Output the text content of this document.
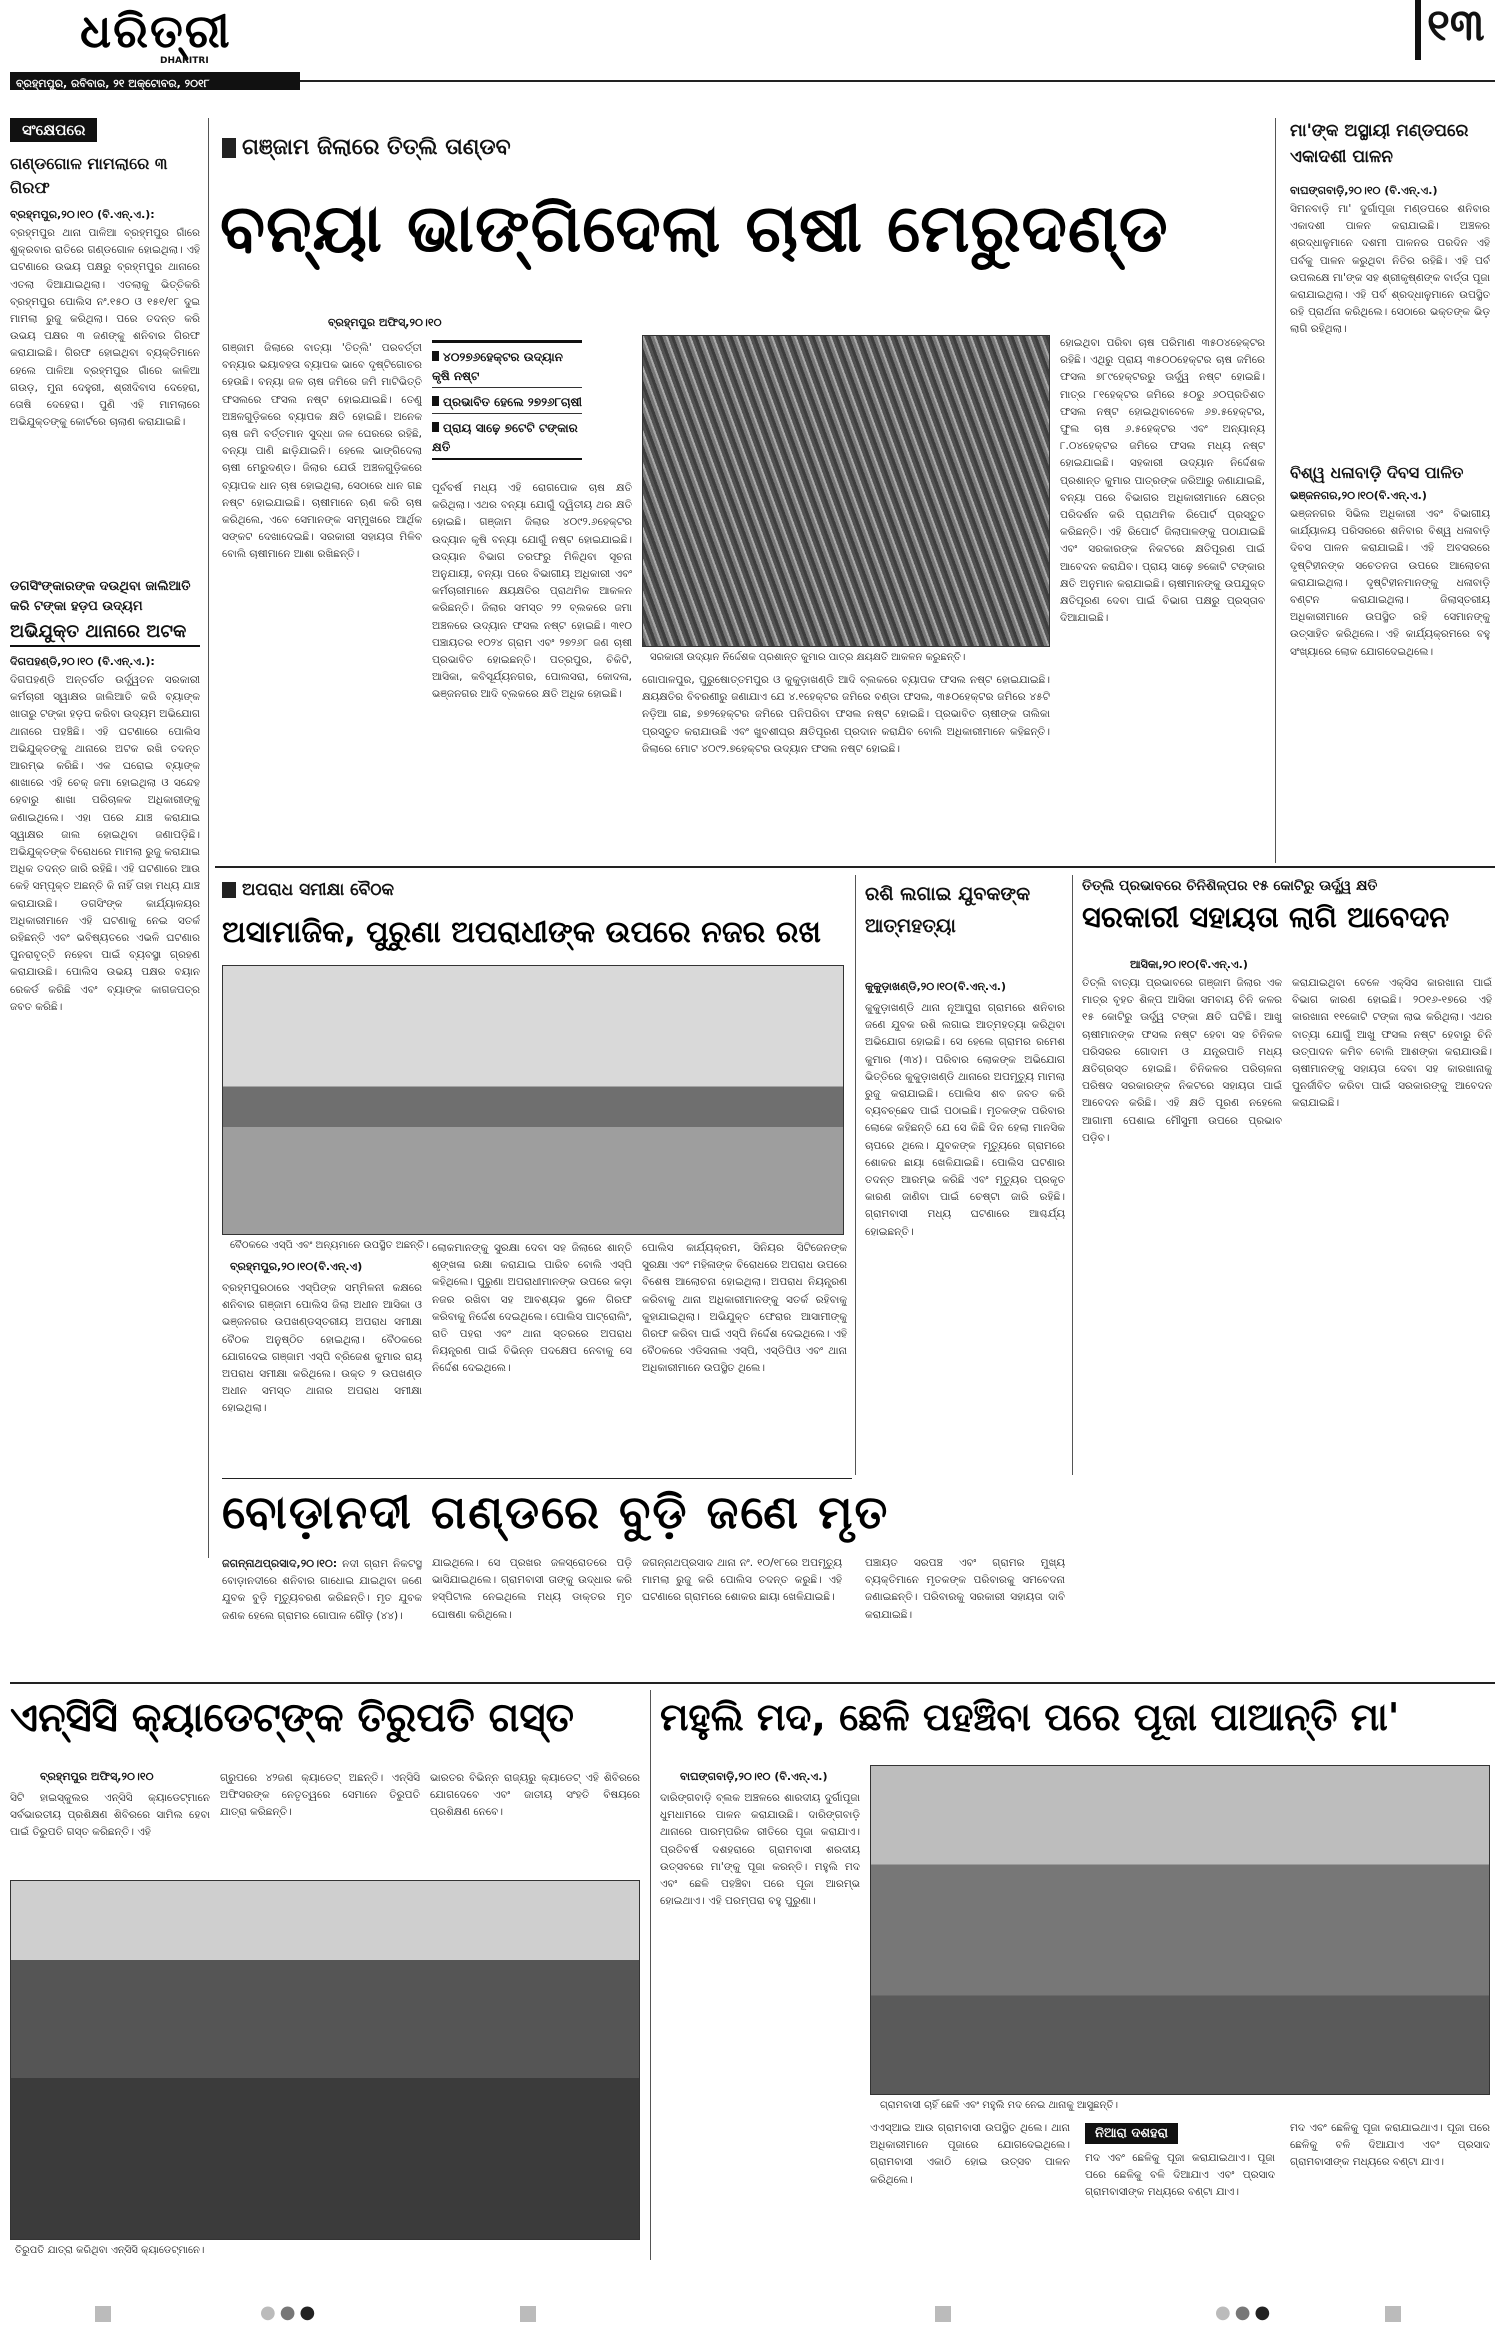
ଧରିତ୍ରୀ
DHARITRI
ବ୍ରହ୍ମପୁର, ରବିବାର, ୨୧ ଅକ୍ଟୋବର, ୨୦୧୮
୧୩
ସଂକ୍ଷେପରେ
ଗଣ୍ଡଗୋଳ ମାମଲାରେ ୩ ଗିରଫ
ବ୍ରହ୍ମପୁର,୨୦।୧୦ (ବି.ଏନ୍.ଏ.):
ବ୍ରହ୍ମପୁର ଥାନା ପାଳିଆ ବ୍ରହ୍ମପୁର ଗାଁରେ ଶୁକ୍ରବାର ରାତିରେ ଗଣ୍ଡଗୋଳ ହୋଇଥିଲା। ଏହି ଘଟଣାରେ ଉଭୟ ପକ୍ଷରୁ ବ୍ରହ୍ମପୁର ଥାନାରେ ଏତଲା ଦିଆଯାଇଥିଲା। ଏତଲାକୁ ଭିତ୍ତିକରି ବ୍ରହ୍ମପୁର ପୋଲିସ ନଂ.୧୫୦ ଓ ୧୫୧/୧୮ ଦୁଇ ମାମଲା ରୁଜୁ କରିଥିଲା। ପରେ ତଦନ୍ତ କରି ଉଭୟ ପକ୍ଷର ୩ ଜଣଙ୍କୁ ଶନିବାର ଗିରଫ କରାଯାଇଛି। ଗିରଫ ହୋଇଥିବା ବ୍ୟକ୍ତିମାନେ ହେଲେ ପାଳିଆ ବ୍ରହ୍ମପୁର ଗାଁରେ କାଳିଆ ଗଉଡ଼, ମୁନା ଦେହୁରୀ, ଶ୍ରୀଦିବାସ ଦେହେରା, ତୋଷି ଦେହେରା। ପୁଣି ଏହି ମାମଲାରେ ଅଭିଯୁକ୍ତଙ୍କୁ କୋର୍ଟରେ ଚାଲାଣ କରାଯାଇଛି।
ଡଗସିଂଙ୍କାରଙ୍କ ଦଉଥିବା ଜାଲିଆତି କରି ଟଙ୍କା ହଡ଼ପ ଉଦ୍ୟମ
ଅଭିଯୁକ୍ତ ଥାନାରେ ଅଟକ
ଦିଗପହଣ୍ଡି,୨୦।୧୦ (ବି.ଏନ୍.ଏ.):
ଦିଗପହଣ୍ଡି ଅନ୍ତର୍ଗତ ଉର୍ଦ୍ଧ୍ୱତନ ସରକାରୀ କର୍ମଚାରୀ ସ୍ୱାକ୍ଷର ଜାଲିଆତି କରି ବ୍ୟାଙ୍କ ଖାତାରୁ ଟଙ୍କା ହଡ଼ପ କରିବା ଉଦ୍ୟମ ଅଭିଯୋଗ ଥାନାରେ ପହଞ୍ଚିଛି। ଏହି ଘଟଣାରେ ପୋଲିସ ଅଭିଯୁକ୍ତଙ୍କୁ ଥାନାରେ ଅଟକ ରଖି ତଦନ୍ତ ଆରମ୍ଭ କରିଛି। ଏକ ଘରୋଇ ବ୍ୟାଙ୍କ ଶାଖାରେ ଏହି ଚେକ୍ ଜମା ହୋଇଥିଲା ଓ ସନ୍ଦେହ ହେବାରୁ ଶାଖା ପରିଚାଳକ ଅଧିକାରୀଙ୍କୁ ଜଣାଇଥିଲେ। ଏହା ପରେ ଯାଞ୍ଚ କରାଯାଇ ସ୍ୱାକ୍ଷର ଜାଲ ହୋଇଥିବା ଜଣାପଡ଼ିଛି। ଅଭିଯୁକ୍ତଙ୍କ ବିରୋଧରେ ମାମଲା ରୁଜୁ କରାଯାଇ ଅଧିକ ତଦନ୍ତ ଜାରି ରହିଛି। ଏହି ଘଟଣାରେ ଆଉ କେହି ସମ୍ପୃକ୍ତ ଅଛନ୍ତି କି ନାହିଁ ତାହା ମଧ୍ୟ ଯାଞ୍ଚ କରାଯାଉଛି। ଡଗସିଂଙ୍କ କାର୍ଯ୍ୟାଳୟର ଅଧିକାରୀମାନେ ଏହି ଘଟଣାକୁ ନେଇ ସତର୍କ ରହିଛନ୍ତି ଏବଂ ଭବିଷ୍ୟତରେ ଏଭଳି ଘଟଣାର ପୁନରାବୃତ୍ତି ନହେବା ପାଇଁ ବ୍ୟବସ୍ଥା ଗ୍ରହଣ କରାଯାଉଛି। ପୋଲିସ ଉଭୟ ପକ୍ଷର ବୟାନ ରେକର୍ଡ କରିଛି ଏବଂ ବ୍ୟାଙ୍କ କାଗଜପତ୍ର ଜବତ କରିଛି।
ଗଞ୍ଜାମ ଜିଲାରେ ତିତ୍‌ଲି ତାଣ୍ଡବ
ବନ୍ୟା ଭାଙ୍ଗିଦେଲା ଚାଷୀ ମେରୁଦଣ୍ଡ
ବ୍ରହ୍ମପୁର ଅଫିସ୍,୨୦।୧୦
ଗଞ୍ଜାମ ଜିଲାରେ ବାତ୍ୟା 'ତିତ୍‌ଲି' ପରବର୍ତ୍ତୀ ବନ୍ୟାର ଭୟାବହତା ବ୍ୟାପକ ଭାବେ ଦୃଷ୍ଟିଗୋଚର ହେଉଛି। ବନ୍ୟା ଜଳ ଚାଷ ଜମିରେ ଜମି ମାଟିଭିତ୍ତି ଫସଲରେ ଫସଲ ନଷ୍ଟ ହୋଇଯାଇଛି। ତେଣୁ ଅଞ୍ଚଳଗୁଡ଼ିକରେ ବ୍ୟାପକ କ୍ଷତି ହୋଇଛି। ଅନେକ ଚାଷ ଜମି ବର୍ତ୍ତମାନ ସୁଦ୍ଧା ଜଳ ଘେରରେ ରହିଛି, ବନ୍ୟା ପାଣି ଛାଡ଼ିଯାଇନି। ହେଲେ ଭାଙ୍ଗିଦେଲା ଚାଷୀ ମେରୁଦଣ୍ଡ। ଜିଲାର ଯେଉଁ ଅଞ୍ଚଳଗୁଡ଼ିକରେ ବ୍ୟାପକ ଧାନ ଚାଷ ହୋଇଥିଲା, ସେଠାରେ ଧାନ ଗଛ ନଷ୍ଟ ହୋଇଯାଇଛି। ଚାଷୀମାନେ ଋଣ କରି ଚାଷ କରିଥିଲେ, ଏବେ ସେମାନଙ୍କ ସମ୍ମୁଖରେ ଆର୍ଥିକ ସଙ୍କଟ ଦେଖାଦେଇଛି। ସରକାରୀ ସହାୟତା ମିଳିବ ବୋଲି ଚାଷୀମାନେ ଆଶା ରଖିଛନ୍ତି।
୪୦୨୭୬ହେକ୍ଟର ଉଦ୍ୟାନ କୃଷି ନଷ୍ଟ
ପ୍ରଭାବିତ ହେଲେ ୨୭୨୬୮ଚାଷୀ
ପ୍ରାୟ ସାଢ଼େ ୭ଟେଟି ଟଙ୍କାର କ୍ଷତି
ପୂର୍ବବର୍ଷ ମଧ୍ୟ ଏହି ରୋଗପୋକ ଚାଷ କ୍ଷତି କରିଥିଲା। ଏଥର ବନ୍ୟା ଯୋଗୁଁ ଦ୍ୱିତୀୟ ଥର କ୍ଷତି ହୋଇଛି। ଗଞ୍ଜାମ ଜିଲାର ୪୦୯୨.୬ହେକ୍ଟର ଉଦ୍ୟାନ କୃଷି ବନ୍ୟା ଯୋଗୁଁ ନଷ୍ଟ ହୋଇଯାଇଛି। ଉଦ୍ୟାନ ବିଭାଗ ତରଫରୁ ମିଳିଥିବା ସୂଚନା ଅନୁଯାୟୀ, ବନ୍ୟା ପରେ ବିଭାଗୀୟ ଅଧିକାରୀ ଏବଂ କର୍ମଚାରୀମାନେ କ୍ଷୟକ୍ଷତିର ପ୍ରାଥମିକ ଆକଳନ କରିଛନ୍ତି। ଜିଲାର ସମସ୍ତ ୨୨ ବ୍ଲକରେ ଜମା ଅଞ୍ଚଳରେ ଉଦ୍ୟାନ ଫସଲ ନଷ୍ଟ ହୋଇଛି। ୩୧୦ ପଞ୍ଚାୟତର ୧୦୨୪ ଗ୍ରାମ ଏବଂ ୨୭୨୬୮ ଜଣ ଚାଷୀ ପ୍ରଭାବିତ ହୋଇଛନ୍ତି। ପତ୍ରପୁର, ଚିକିଟି, ଆସିକା, କବିସୂର୍ଯ୍ୟନଗର, ପୋଲସରା, କୋଦଳା, ଭଞ୍ଜନଗର ଆଦି ବ୍ଲକରେ କ୍ଷତି ଅଧିକ ହୋଇଛି।
ସରକାରୀ ଉଦ୍ୟାନ ନିର୍ଦ୍ଦେଶକ ପ୍ରଶାନ୍ତ କୁମାର ପାତ୍ର କ୍ଷୟକ୍ଷତି ଆକଳନ କରୁଛନ୍ତି।
ଗୋପାଳପୁର, ପୁରୁଷୋତ୍ତମପୁର ଓ କୁକୁଡ଼ାଖଣ୍ଡି ଆଦି ବ୍ଲକରେ ବ୍ୟାପକ ଫସଲ ନଷ୍ଟ ହୋଇଯାଇଛି। କ୍ଷୟକ୍ଷତିର ବିବରଣୀରୁ ଜଣାଯାଏ ଯେ ୪.୧ହେକ୍ଟର ଜମିରେ ବଣ୍ଡା ଫସଲ, ୩୫୦ହେକ୍ଟର ଜମିରେ ୪୫ଟି ନଡ଼ିଆ ଗଛ, ୭୭୨ହେକ୍ଟର ଜମିରେ ପନିପରିବା ଫସଲ ନଷ୍ଟ ହୋଇଛି। ପ୍ରଭାବିତ ଚାଷୀଙ୍କ ତାଲିକା ପ୍ରସ୍ତୁତ କରାଯାଉଛି ଏବଂ ଖୁବଶୀଘ୍ର କ୍ଷତିପୂରଣ ପ୍ରଦାନ କରାଯିବ ବୋଲି ଅଧିକାରୀମାନେ କହିଛନ୍ତି। ଜିଲାରେ ମୋଟ ୪୦୯୨.୭ହେକ୍ଟର ଉଦ୍ୟାନ ଫସଲ ନଷ୍ଟ ହୋଇଛି।
ହୋଇଥିବା ପରିବା ଚାଷ ପରିମାଣ ୩୫୦୪ହେକ୍ଟର ରହିଛି। ଏଥିରୁ ପ୍ରାୟ ୩୫୦୦ହେକ୍ଟର ଚାଷ ଜମିରେ ଫସଲ ୭୮୯ହେକ୍ଟରରୁ ଊର୍ଦ୍ଧ୍ୱ ନଷ୍ଟ ହୋଇଛି। ମାତ୍ର ୮୧ହେକ୍ଟର ଜମିରେ ୫୦ରୁ ୬୦ପ୍ରତିଶତ ଫସଲ ନଷ୍ଟ ହୋଇଥିବାବେଳେ ୬୭.୫ହେକ୍ଟର, ଫୁଲ ଚାଷ ୬.୫ହେକ୍ଟର ଏବଂ ଅନ୍ୟାନ୍ୟ ୮.୦୪ହେକ୍ଟର ଜମିରେ ଫସଲ ମଧ୍ୟ ନଷ୍ଟ ହୋଇଯାଇଛି। ସହକାରୀ ଉଦ୍ୟାନ ନିର୍ଦ୍ଦେଶକ ପ୍ରଶାନ୍ତ କୁମାର ପାତ୍ରଙ୍କ ଜରିଆରୁ ଜଣାଯାଇଛି, ବନ୍ୟା ପରେ ବିଭାଗର ଅଧିକାରୀମାନେ କ୍ଷେତ୍ର ପରିଦର୍ଶନ କରି ପ୍ରାଥମିକ ରିପୋର୍ଟ ପ୍ରସ୍ତୁତ କରିଛନ୍ତି। ଏହି ରିପୋର୍ଟ ଜିଲାପାଳଙ୍କୁ ପଠାଯାଇଛି ଏବଂ ସରକାରଙ୍କ ନିକଟରେ କ୍ଷତିପୂରଣ ପାଇଁ ଆବେଦନ କରାଯିବ। ପ୍ରାୟ ସାଢ଼େ ୭କୋଟି ଟଙ୍କାର କ୍ଷତି ଅନୁମାନ କରାଯାଇଛି। ଚାଷୀମାନଙ୍କୁ ଉପଯୁକ୍ତ କ୍ଷତିପୂରଣ ଦେବା ପାଇଁ ବିଭାଗ ପକ୍ଷରୁ ପ୍ରସ୍ତାବ ଦିଆଯାଇଛି।
ମା'ଙ୍କ ଅସ୍ଥାୟୀ ମଣ୍ଡପରେ ଏକାଦଶୀ ପାଳନ
ବାଘଙ୍ଗବାଡ଼ି,୨୦।୧୦ (ବି.ଏନ୍.ଏ.)
ସିମନବାଡ଼ି ମା' ଦୁର୍ଗାପୂଜା ମଣ୍ଡପରେ ଶନିବାର ଏକାଦଶୀ ପାଳନ କରାଯାଇଛି। ଅଞ୍ଚଳର ଶ୍ରଦ୍ଧାଳୁମାନେ ଦଶମୀ ପାଳନର ପରଦିନ ଏହି ପର୍ବକୁ ପାଳନ କରୁଥିବା ନିତିର ରହିଛି। ଏହି ପର୍ବ ଉପଲକ୍ଷେ ମା'ଙ୍କ ସହ ଶ୍ରୀକୃଷ୍ଣଙ୍କ ବାର୍ତ୍ତା ପୂଜା କରାଯାଇଥିଲା। ଏହି ପର୍ବ ଶ୍ରଦ୍ଧାଳୁମାନେ ଉପସ୍ଥିତ ରହି ପ୍ରାର୍ଥନା କରିଥିଲେ। ସେଠାରେ ଭକ୍ତଙ୍କ ଭିଡ଼ ଲାଗି ରହିଥିଲା।
ବିଶ୍ୱ ଧଳାବାଡ଼ି ଦିବସ ପାଳିତ
ଭଞ୍ଜନଗର,୨୦।୧୦(ବି.ଏନ୍.ଏ.)
ଭଞ୍ଜନଗର ସିଭିଲ ଅଧିକାରୀ ଏବଂ ବିଭାଗୀୟ କାର୍ଯ୍ୟାଳୟ ପରିସରରେ ଶନିବାର ବିଶ୍ୱ ଧଳାବାଡ଼ି ଦିବସ ପାଳନ କରାଯାଇଛି। ଏହି ଅବସରରେ ଦୃଷ୍ଟିହୀନଙ୍କ ସଚେତନତା ଉପରେ ଆଲୋଚନା କରାଯାଇଥିଲା। ଦୃଷ୍ଟିହୀନମାନଙ୍କୁ ଧଳାବାଡ଼ି ବଣ୍ଟନ କରାଯାଇଥିଲା। ଜିଲାସ୍ତରୀୟ ଅଧିକାରୀମାନେ ଉପସ୍ଥିତ ରହି ସେମାନଙ୍କୁ ଉତ୍ସାହିତ କରିଥିଲେ। ଏହି କାର୍ଯ୍ୟକ୍ରମରେ ବହୁ ସଂଖ୍ୟାରେ ଲୋକ ଯୋଗଦେଇଥିଲେ।
ଅପରାଧ ସମୀକ୍ଷା ବୈଠକ
ଅସାମାଜିକ, ପୁରୁଣା ଅପରାଧୀଙ୍କ ଉପରେ ନଜର ରଖ
ବୈଠକରେ ଏସ୍‌ପି ଏବଂ ଅନ୍ୟମାନେ ଉପସ୍ଥିତ ଅଛନ୍ତି।
ବ୍ରହ୍ମପୁର,୨୦।୧୦(ବି.ଏନ୍.ଏ)
ବ୍ରହ୍ମପୁରଠାରେ ଏସ୍‌ପିଙ୍କ ସମ୍ମିଳନୀ କକ୍ଷରେ ଶନିବାର ଗଞ୍ଜାମ ପୋଲିସ ଜିଲା ଅଧୀନ ଆସିକା ଓ ଭଞ୍ଜନଗର ଉପଖଣ୍ଡସ୍ତରୀୟ ଅପରାଧ ସମୀକ୍ଷା ବୈଠକ ଅନୁଷ୍ଠିତ ହୋଇଥିଲା। ବୈଠକରେ ଯୋଗଦେଇ ଗଞ୍ଜାମ ଏସ୍‌ପି ବ୍ରିଜେଶ କୁମାର ରାୟ ଅପରାଧ ସମୀକ୍ଷା କରିଥିଲେ। ଉକ୍ତ ୨ ଉପଖଣ୍ଡ ଅଧୀନ ସମସ୍ତ ଥାନାର ଅପରାଧ ସମୀକ୍ଷା ହୋଇଥିଲା।
ଲୋକମାନଙ୍କୁ ସୁରକ୍ଷା ଦେବା ସହ ଜିଲାରେ ଶାନ୍ତି ଶୃଙ୍ଖଳା ରକ୍ଷା କରାଯାଇ ପାରିବ ବୋଲି ଏସ୍‌ପି କହିଥିଲେ। ପୁରୁଣା ଅପରାଧୀମାନଙ୍କ ଉପରେ କଡ଼ା ନଜର ରଖିବା ସହ ଆବଶ୍ୟକ ସ୍ଥଳେ ଗିରଫ କରିବାକୁ ନିର୍ଦ୍ଦେଶ ଦେଇଥିଲେ। ପୋଲିସ ପାଟ୍ରୋଲିଂ, ରାତି ପହରା ଏବଂ ଥାନା ସ୍ତରରେ ଅପରାଧ ନିୟନ୍ତ୍ରଣ ପାଇଁ ବିଭିନ୍ନ ପଦକ୍ଷେପ ନେବାକୁ ସେ ନିର୍ଦ୍ଦେଶ ଦେଇଥିଲେ।
ପୋଲିସ କାର୍ଯ୍ୟକ୍ରମ, ସିନିୟର ସିଟିଜେନଙ୍କ ସୁରକ୍ଷା ଏବଂ ମହିଳାଙ୍କ ବିରୋଧରେ ଅପରାଧ ଉପରେ ବିଶେଷ ଆଲୋଚନା ହୋଇଥିଲା। ଅପରାଧ ନିୟନ୍ତ୍ରଣ କରିବାକୁ ଥାନା ଅଧିକାରୀମାନଙ୍କୁ ସତର୍କ ରହିବାକୁ କୁହାଯାଇଥିଲା। ଅଭିଯୁକ୍ତ ଫେରାର ଆସାମୀଙ୍କୁ ଗିରଫ କରିବା ପାଇଁ ଏସ୍‌ପି ନିର୍ଦ୍ଦେଶ ଦେଇଥିଲେ। ଏହି ବୈଠକରେ ଏଡିସନାଲ ଏସ୍‌ପି, ଏସ୍‌ଡିପିଓ ଏବଂ ଥାନା ଅଧିକାରୀମାନେ ଉପସ୍ଥିତ ଥିଲେ।
ରଶି ଲଗାଇ ଯୁବକଙ୍କ ଆତ୍ମହତ୍ୟା
କୁକୁଡ଼ାଖଣ୍ଡି,୨୦।୧୦(ବି.ଏନ୍.ଏ.)
କୁକୁଡ଼ାଖଣ୍ଡି ଥାନା ନୂଆପୁରା ଗ୍ରାମରେ ଶନିବାର ଜଣେ ଯୁବକ ରଶି ଲଗାଇ ଆତ୍ମହତ୍ୟା କରିଥିବା ଅଭିଯୋଗ ହୋଇଛି। ସେ ହେଲେ ଗ୍ରାମର ରମେଶ କୁମାର (୩୪)। ପରିବାର ଲୋକଙ୍କ ଅଭିଯୋଗ ଭିତ୍ତିରେ କୁକୁଡ଼ାଖଣ୍ଡି ଥାନାରେ ଅପମୃତ୍ୟୁ ମାମଲା ରୁଜୁ କରାଯାଇଛି। ପୋଲିସ ଶବ ଜବତ କରି ବ୍ୟବଚ୍ଛେଦ ପାଇଁ ପଠାଇଛି। ମୃତକଙ୍କ ପରିବାର ଲୋକେ କହିଛନ୍ତି ଯେ ସେ କିଛି ଦିନ ହେଲା ମାନସିକ ଚାପରେ ଥିଲେ। ଯୁବକଙ୍କ ମୃତ୍ୟୁରେ ଗ୍ରାମରେ ଶୋକର ଛାୟା ଖେଳିଯାଇଛି। ପୋଲିସ ଘଟଣାର ତଦନ୍ତ ଆରମ୍ଭ କରିଛି ଏବଂ ମୃତ୍ୟୁର ପ୍ରକୃତ କାରଣ ଜାଣିବା ପାଇଁ ଚେଷ୍ଟା ଜାରି ରହିଛି। ଗ୍ରାମବାସୀ ମଧ୍ୟ ଘଟଣାରେ ଆଶ୍ଚର୍ଯ୍ୟ ହୋଇଛନ୍ତି।
ତିତ୍‌ଲି ପ୍ରଭାବରେ ଚିନିଶିଳ୍ପର ୧୫ କୋଟିରୁ ଊର୍ଦ୍ଧ୍ୱ କ୍ଷତି
ସରକାରୀ ସହାୟତା ଲାଗି ଆବେଦନ
ଆସିକା,୨୦।୧୦(ବି.ଏନ୍.ଏ.)
ତିତ୍‌ଲି ବାତ୍ୟା ପ୍ରଭାବରେ ଗଞ୍ଜାମ ଜିଲାର ଏକ ମାତ୍ର ବୃହତ ଶିଳ୍ପ ଆସିକା ସମବାୟ ଚିନି କଳର ୧୫ କୋଟିରୁ ଊର୍ଦ୍ଧ୍ୱ ଟଙ୍କା କ୍ଷତି ଘଟିଛି। ଆଖୁ ଚାଷୀମାନଙ୍କ ଫସଲ ନଷ୍ଟ ହେବା ସହ ଚିନିକଳ ପରିସରର ଗୋଦାମ ଓ ଯନ୍ତ୍ରପାତି ମଧ୍ୟ କ୍ଷତିଗ୍ରସ୍ତ ହୋଇଛି। ଚିନିକଳର ପରିଚାଳନା ପରିଷଦ ସରକାରଙ୍କ ନିକଟରେ ସହାୟତା ପାଇଁ ଆବେଦନ କରିଛି। ଏହି କ୍ଷତି ପୂରଣ ନହେଲେ ଆଗାମୀ ପେଶାଇ ମୌସୁମୀ ଉପରେ ପ୍ରଭାବ ପଡ଼ିବ।
କରାଯାଇଥିବା ବେଳେ ଏକ୍ସିସ କାରଖାନା ପାଇଁ ବିଭାଗ କାରଣ ହୋଇଛି। ୨୦୧୬-୧୭ରେ ଏହି କାରଖାନା ୧୧କୋଟି ଟଙ୍କା ଲାଭ କରିଥିଲା। ଏଥର ବାତ୍ୟା ଯୋଗୁଁ ଆଖୁ ଫସଲ ନଷ୍ଟ ହେବାରୁ ଚିନି ଉତ୍ପାଦନ କମିବ ବୋଲି ଆଶଙ୍କା କରାଯାଉଛି। ଚାଷୀମାନଙ୍କୁ ସହାୟତା ଦେବା ସହ କାରଖାନାକୁ ପୁନର୍ଜୀବିତ କରିବା ପାଇଁ ସରକାରଙ୍କୁ ଆବେଦନ କରାଯାଇଛି।
ବୋଡ଼ାନଦୀ ଗଣ୍ଡରେ ବୁଡ଼ି ଜଣେ ମୃତ
ଜଗନ୍ନାଥପ୍ରସାଦ,୨୦।୧୦: ନଦୀ ଗ୍ରାମ ନିକଟସ୍ଥ ବୋଡ଼ାନଦୀରେ ଶନିବାର ଗାଧୋଇ ଯାଇଥିବା ଜଣେ ଯୁବକ ବୁଡ଼ି ମୃତ୍ୟୁବରଣ କରିଛନ୍ତି। ମୃତ ଯୁବକ ଜଣକ ହେଲେ ଗ୍ରାମର ଗୋପାଳ ଗୌଡ଼ (୪୪)।
ଯାଇଥିଲେ। ସେ ପ୍ରଖର ଜଳସ୍ରୋତରେ ପଡ଼ି ଭାସିଯାଇଥିଲେ। ଗ୍ରାମବାସୀ ତାଙ୍କୁ ଉଦ୍ଧାର କରି ହସ୍ପିଟାଲ ନେଇଥିଲେ ମଧ୍ୟ ଡାକ୍ତର ମୃତ ଘୋଷଣା କରିଥିଲେ।
ଜଗନ୍ନାଥପ୍ରସାଦ ଥାନା ନଂ. ୧୦/୧୮ରେ ଅପମୃତ୍ୟୁ ମାମଲା ରୁଜୁ କରି ପୋଲିସ ତଦନ୍ତ କରୁଛି। ଏହି ଘଟଣାରେ ଗ୍ରାମରେ ଶୋକର ଛାୟା ଖେଳିଯାଇଛି।
ପଞ୍ଚାୟତ ସରପଞ୍ଚ ଏବଂ ଗ୍ରାମର ମୁଖ୍ୟ ବ୍ୟକ୍ତିମାନେ ମୃତକଙ୍କ ପରିବାରକୁ ସମବେଦନା ଜଣାଇଛନ୍ତି। ପରିବାରକୁ ସରକାରୀ ସହାୟତା ଦାବି କରାଯାଇଛି।
ଏନ୍‌ସିସି କ୍ୟାଡେଟ୍‌ଙ୍କ ତିରୁପତି ଗସ୍ତ
ବ୍ରହ୍ମପୁର ଅଫିସ୍,୨୦।୧୦
ସିଟି ହାଇସ୍କୁଲର ଏନ୍‌ସିସି କ୍ୟାଡେଟ୍‌ମାନେ ସର୍ବଭାରତୀୟ ପ୍ରଶିକ୍ଷଣ ଶିବିରରେ ସାମିଲ ହେବା ପାଇଁ ତିରୁପତି ଗସ୍ତ କରିଛନ୍ତି। ଏହି
ଗ୍ରୁପରେ ୪୨ଜଣ କ୍ୟାଡେଟ୍ ଅଛନ୍ତି। ଏନ୍‌ସିସି ଅଫିସରଙ୍କ ନେତୃତ୍ୱରେ ସେମାନେ ତିରୁପତି ଯାତ୍ରା କରିଛନ୍ତି।
ଭାରତର ବିଭିନ୍ନ ରାଜ୍ୟରୁ କ୍ୟାଡେଟ୍ ଏହି ଶିବିରରେ ଯୋଗଦେବେ ଏବଂ ଜାତୀୟ ସଂହତି ବିଷୟରେ ପ୍ରଶିକ୍ଷଣ ନେବେ।
ତିରୁପତି ଯାତ୍ରା କରିଥିବା ଏନ୍‌ସିସି କ୍ୟାଡେଟ୍‌ମାନେ।
ମହୁଲି ମଦ, ଛେଳି ପହଞ୍ଚିବା ପରେ ପୂଜା ପାଆନ୍ତି ମା'
ବାଘଙ୍ଗବାଡ଼ି,୨୦।୧୦ (ବି.ଏନ୍.ଏ.)
ଦାରିଙ୍ଗବାଡ଼ି ବ୍ଲକ ଅଞ୍ଚଳରେ ଶାରଦୀୟ ଦୁର୍ଗାପୂଜା ଧୁମଧାମରେ ପାଳନ କରାଯାଉଛି। ଦାରିଙ୍ଗବାଡ଼ି ଥାନାରେ ପାରମ୍ପରିକ ରୀତିରେ ପୂଜା କରାଯାଏ। ପ୍ରତିବର୍ଷ ଦଶହରାରେ ଗ୍ରାମବାସୀ ଶରଦୀୟ ଉତ୍ସବରେ ମା'ଙ୍କୁ ପୂଜା କରନ୍ତି। ମହୁଲି ମଦ ଏବଂ ଛେଳି ପହଞ୍ଚିବା ପରେ ପୂଜା ଆରମ୍ଭ ହୋଇଥାଏ। ଏହି ପରମ୍ପରା ବହୁ ପୁରୁଣା।
ଗ୍ରାମବାସୀ ଚାହିଁ ଛେଳି ଏବଂ ମହୁଲି ମଦ ନେଇ ଥାନାକୁ ଆସୁଛନ୍ତି।
ଏଏସ୍‌ଆଇ ଆଉ ଗ୍ରାମବାସୀ ଉପସ୍ଥିତ ଥିଲେ। ଥାନା ଅଧିକାରୀମାନେ ପୂଜାରେ ଯୋଗଦେଇଥିଲେ। ଗ୍ରାମବାସୀ ଏକାଠି ହୋଇ ଉତ୍ସବ ପାଳନ କରିଥିଲେ।
ନିଆରା ଦଶହରା
ମଦ ଏବଂ ଛେଳିକୁ ପୂଜା କରାଯାଇଥାଏ। ପୂଜା ପରେ ଛେଳିକୁ ବଳି ଦିଆଯାଏ ଏବଂ ପ୍ରସାଦ ଗ୍ରାମବାସୀଙ୍କ ମଧ୍ୟରେ ବଣ୍ଟା ଯାଏ।
ମଦ ଏବଂ ଛେଳିକୁ ପୂଜା କରାଯାଇଥାଏ। ପୂଜା ପରେ ଛେଳିକୁ ବଳି ଦିଆଯାଏ ଏବଂ ପ୍ରସାଦ ଗ୍ରାମବାସୀଙ୍କ ମଧ୍ୟରେ ବଣ୍ଟା ଯାଏ।
●●●	●●●
